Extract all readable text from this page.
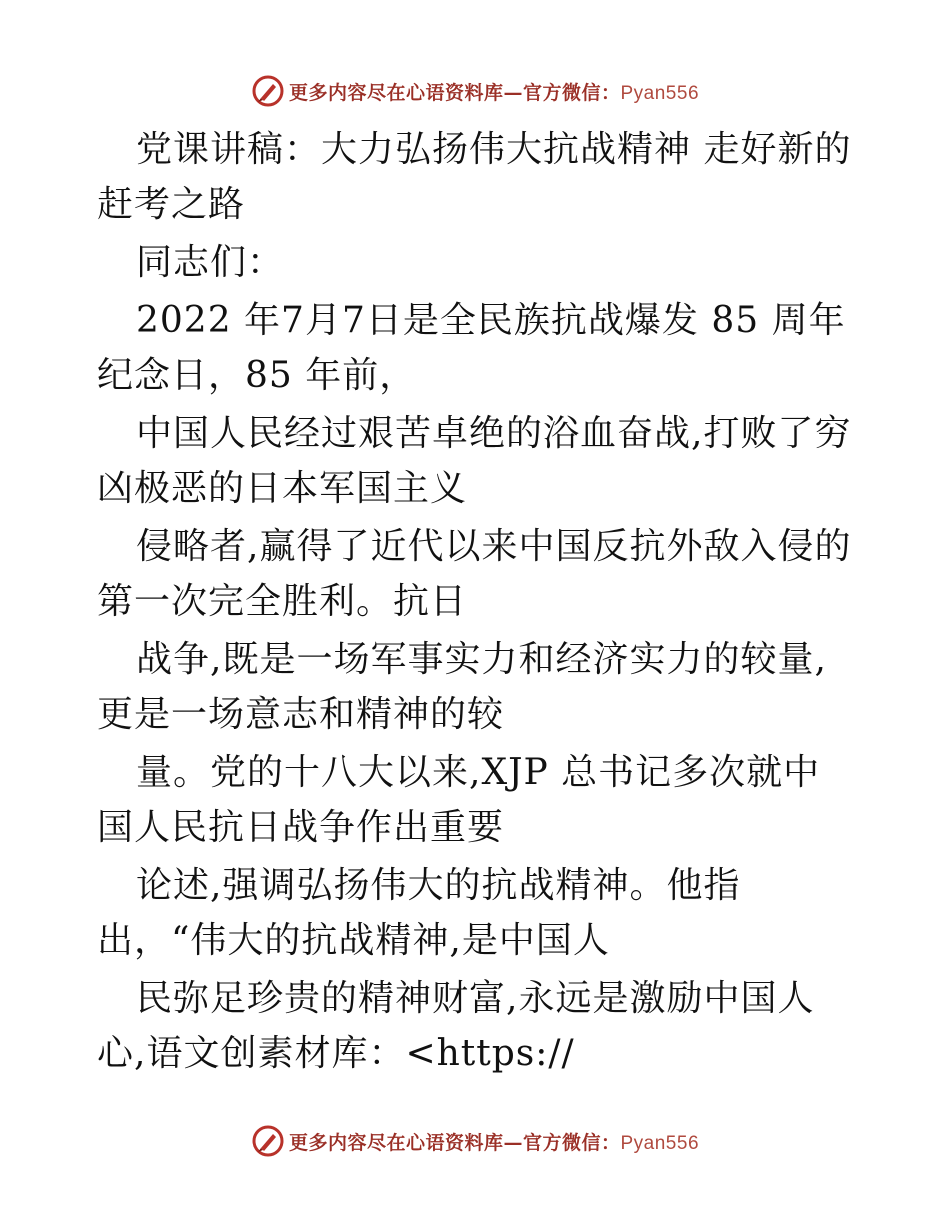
更多内容尽在心语资料库—官方微信：Pyan556

党课讲稿：大力弘扬伟大抗战精神 走好新的赶考之路

同志们：

2022 年7月7日是全民族抗战爆发 85 周年纪念日，85 年前，

中国人民经过艰苦卓绝的浴血奋战,打败了穷凶极恶的日本军国主义

侵略者,赢得了近代以来中国反抗外敌入侵的第一次完全胜利。抗日

战争,既是一场军事实力和经济实力的较量,更是一场意志和精神的较

量。党的十八大以来,XJP 总书记多次就中国人民抗日战争作出重要

论述,强调弘扬伟大的抗战精神。他指出，“伟大的抗战精神,是中国人

民弥足珍贵的精神财富,永远是激励中国人心,语文创素材库：<https://

更多内容尽在心语资料库—官方微信：Pyan556
